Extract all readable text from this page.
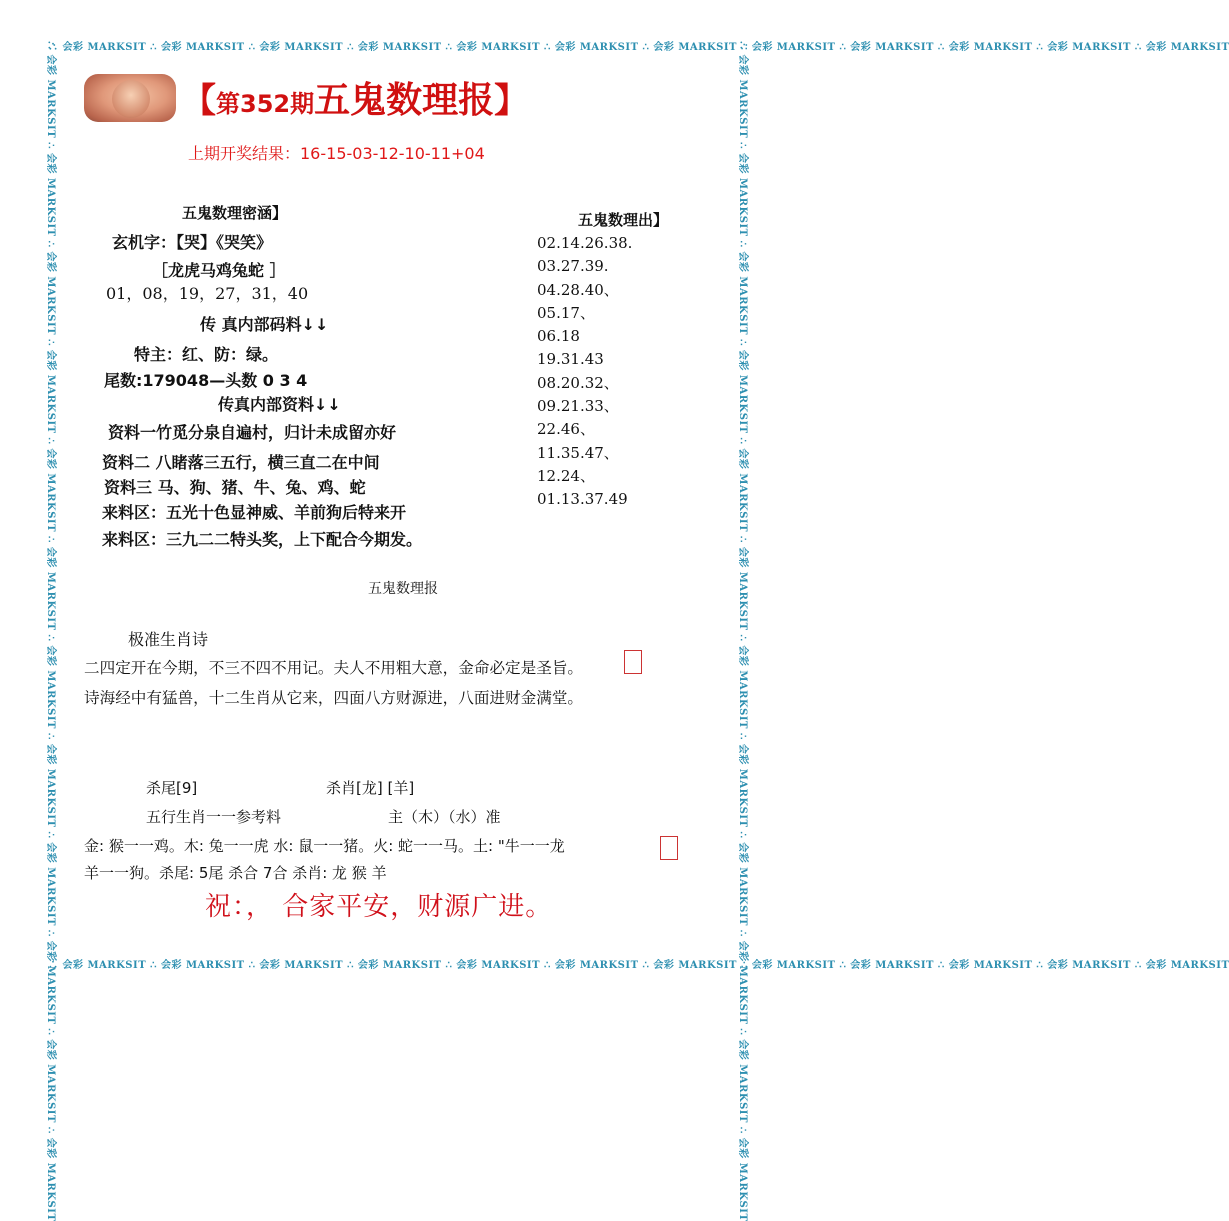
∴ 会彩 MARKSIT ∴ 会彩 MARKSIT ∴ 会彩 MARKSIT ∴ 会彩 MARKSIT ∴ 会彩 MARKSIT ∴ 会彩 MARKSIT ∴ 会彩 MARKSIT ∴ 会彩 MARKSIT ∴ 会彩 MARKSIT ∴ 会彩 MARKSIT ∴ 会彩 MARKSIT ∴ 会彩 MARKSIT
∴ 会彩 MARKSIT ∴ 会彩 MARKSIT ∴ 会彩 MARKSIT ∴ 会彩 MARKSIT ∴ 会彩 MARKSIT ∴ 会彩 MARKSIT ∴ 会彩 MARKSIT ∴ 会彩 MARKSIT ∴ 会彩 MARKSIT ∴ 会彩 MARKSIT ∴ 会彩 MARKSIT ∴ 会彩 MARKSIT
∴ 会彩 MARKSIT ∴ 会彩 MARKSIT ∴ 会彩 MARKSIT ∴ 会彩 MARKSIT ∴ 会彩 MARKSIT ∴ 会彩 MARKSIT ∴ 会彩 MARKSIT ∴ 会彩 MARKSIT ∴ 会彩 MARKSIT ∴ 会彩 MARKSIT ∴ 会彩 MARKSIT ∴ 会彩 MARKSIT	∴ 会彩 MARKSIT ∴ 会彩 MARKSIT ∴ 会彩 MARKSIT ∴ 会彩 MARKSIT ∴ 会彩 MARKSIT ∴ 会彩 MARKSIT ∴ 会彩 MARKSIT ∴ 会彩 MARKSIT ∴ 会彩 MARKSIT ∴ 会彩 MARKSIT ∴ 会彩 MARKSIT ∴ 会彩 MARKSIT
【第352期五鬼数理报】
上期开奖结果：16-15-03-12-10-11+04
五鬼数理密涵】
玄机字：【哭】《哭笑》
［龙虎马鸡兔蛇 ］
01，08，19，27，31，40
传 真内部码料↓↓
特主：红、防：绿。
尾数:179048—头数 0 3 4
传真内部资料↓↓
资料一竹觅分泉自遍村，归计未成留亦好
资料二 八睹落三五行，横三直二在中间
资料三 马、狗、猪、牛、兔、鸡、蛇
来料区：五光十色显神威、羊前狗后特来开
来料区：三九二二特头奖，上下配合今期发。
五鬼数理出】
02.14.26.38.
03.27.39.
04.28.40、
05.17、
06.18
19.31.43
08.20.32、
09.21.33、
22.46、
11.35.47、
12.24、
01.13.37.49
五鬼数理报
极准生肖诗
二四定开在今期，不三不四不用记。夫人不用粗大意，金命必定是圣旨。
诗海经中有猛兽，十二生肖从它来，四面八方财源进，八面进财金满堂。
杀尾[9]	杀肖[龙] [羊]
五行生肖一一参考料	主（木）（水）准
金: 猴一一鸡。木: 兔一一虎 水: 鼠一一猪。火: 蛇一一马。土: "牛一一龙
羊一一狗。杀尾: 5尾 杀合 7合 杀肖: 龙 猴 羊
祝：， 合家平安，财源广进。
